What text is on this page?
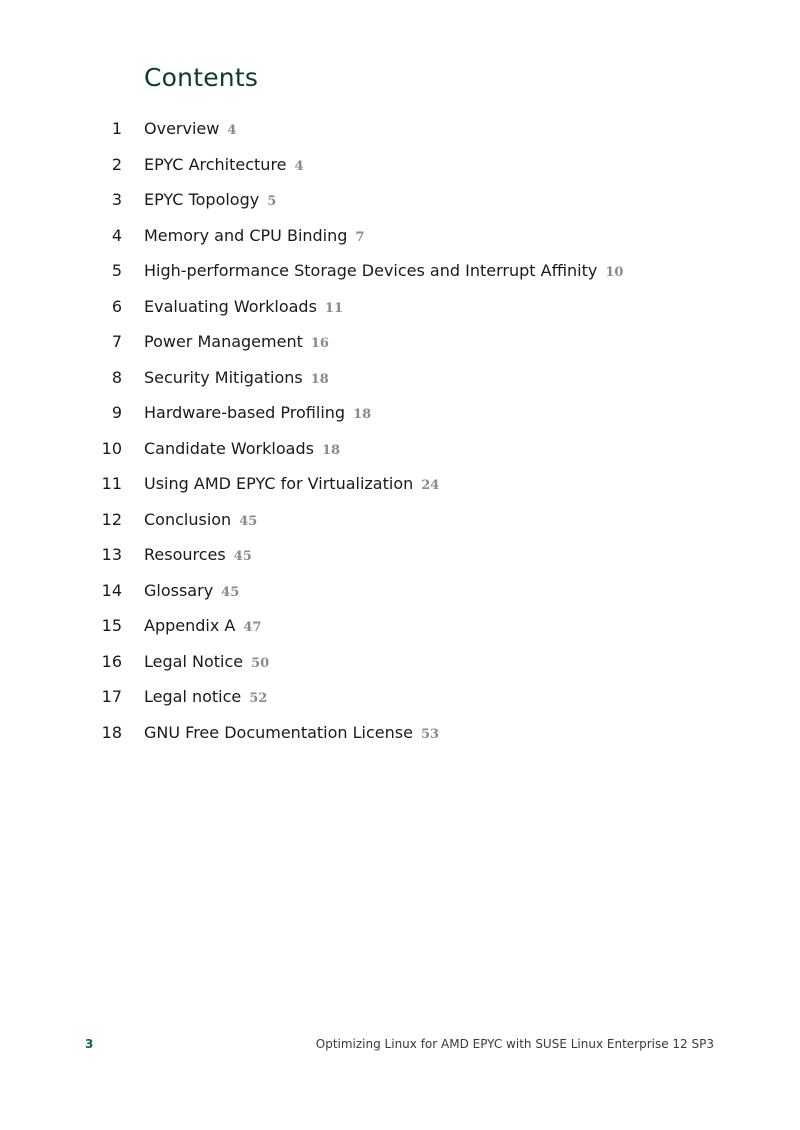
Contents
1 Overview 4
2 EPYC Architecture 4
3 EPYC Topology 5
4 Memory and CPU Binding 7
5 High-performance Storage Devices and Interrupt Affinity 10
6 Evaluating Workloads 11
7 Power Management 16
8 Security Mitigations 18
9 Hardware-based Profiling 18
10 Candidate Workloads 18
11 Using AMD EPYC for Virtualization 24
12 Conclusion 45
13 Resources 45
14 Glossary 45
15 Appendix A 47
16 Legal Notice 50
17 Legal notice 52
18 GNU Free Documentation License 53
3	Optimizing Linux for AMD EPYC with SUSE Linux Enterprise 12 SP3
